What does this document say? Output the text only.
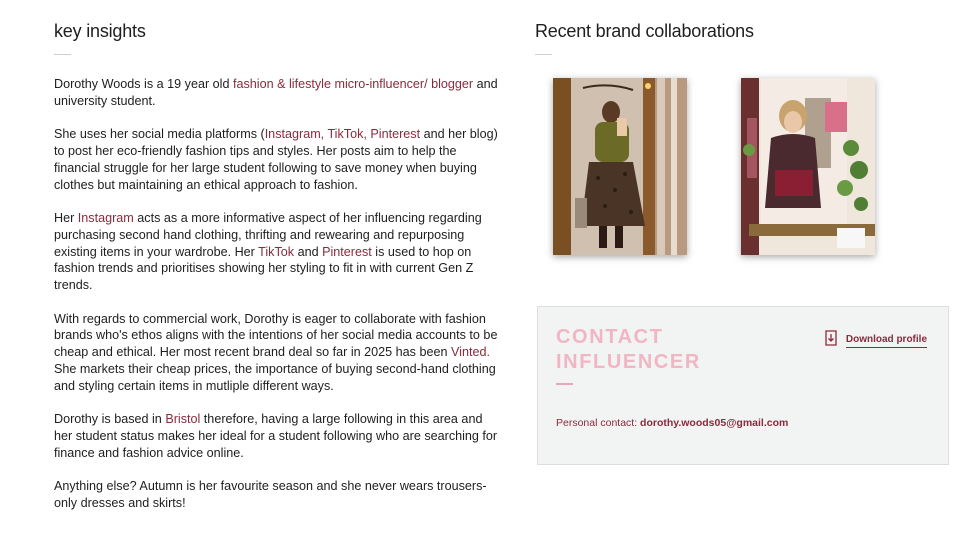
key insights

Dorothy Woods is a 19 year old fashion & lifestyle micro-influencer/ blogger and university student.

She uses her social media platforms (Instagram, TikTok, Pinterest and her blog) to post her eco-friendly fashion tips and styles. Her posts aim to help the financial struggle for her large student following to save money when buying clothes but maintaining an ethical approach to fashion.

Her Instagram acts as a more informative aspect of her influencing regarding purchasing second hand clothing, thrifting and rewearing and repurposing existing items in your wardrobe. Her TikTok and Pinterest is used to hop on fashion trends and prioritises showing her styling to fit in with current Gen Z trends.

With regards to commercial work, Dorothy is eager to collaborate with fashion brands who's ethos aligns with the intentions of her social media accounts to be cheap and ethical. Her most recent brand deal so far in 2025 has been Vinted. She markets their cheap prices, the importance of buying second-hand clothing and styling certain items in mutliple different ways.

Dorothy is based in Bristol therefore, having a large following in this area and her student status makes her ideal for a student following who are searching for finance and fashion advice online.

Anything else? Autumn is her favourite season and she never wears trousers- only dresses and skirts!

Recent brand collaborations
CONTACT INFLUENCER
Download profile
Personal contact: dorothy.woods05@gmail.com
